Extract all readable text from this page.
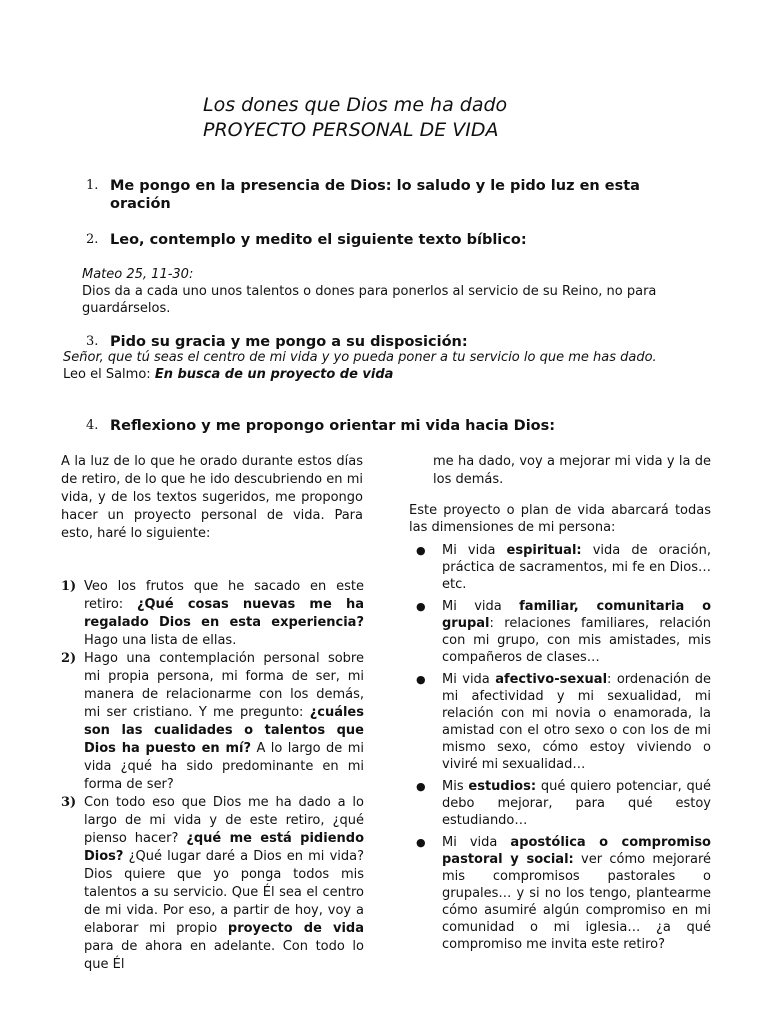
Los dones que Dios me ha dado
PROYECTO PERSONAL DE VIDA
1. Me pongo en la presencia de Dios: lo saludo y le pido luz en esta oración
2. Leo, contemplo y medito el siguiente texto bíblico:
Mateo 25, 11-30:
Dios da a cada uno unos talentos o dones para ponerlos al servicio de su Reino, no para guardárselos.
3. Pido su gracia y me pongo a su disposición:
Señor, que tú seas el centro de mi vida y yo pueda poner a tu servicio lo que me has dado.
Leo el Salmo: En busca de un proyecto de vida
4. Reflexiono y me propongo orientar mi vida hacia Dios:

A la luz de lo que he orado durante estos días de retiro, de lo que he ido descubriendo en mi vida, y de los textos sugeridos, me propongo hacer un proyecto personal de vida. Para esto, haré lo siguiente:

1) Veo los frutos que he sacado en este retiro: ¿Qué cosas nuevas me ha regalado Dios en esta experiencia? Hago una lista de ellas.
2) Hago una contemplación personal sobre mi propia persona, mi forma de ser, mi manera de relacionarme con los demás, mi ser cristiano. Y me pregunto: ¿cuáles son las cualidades o talentos que Dios ha puesto en mí? A lo largo de mi vida ¿qué ha sido predominante en mi forma de ser?
3) Con todo eso que Dios me ha dado a lo largo de mi vida y de este retiro, ¿qué pienso hacer? ¿qué me está pidiendo Dios? ¿Qué lugar daré a Dios en mi vida? Dios quiere que yo ponga todos mis talentos a su servicio. Que Él sea el centro de mi vida. Por eso, a partir de hoy, voy a elaborar mi propio proyecto de vida para de ahora en adelante. Con todo lo que Él

me ha dado, voy a mejorar mi vida y la de los demás.

Este proyecto o plan de vida abarcará todas las dimensiones de mi persona:

●	Mi vida espiritual: vida de oración, práctica de sacramentos, mi fe en Dios…etc.
●	Mi vida familiar, comunitaria o grupal: relaciones familiares, relación con mi grupo, con mis amistades, mis compañeros de clases…
●	Mi vida afectivo-sexual: ordenación de mi afectividad y mi sexualidad, mi relación con mi novia o enamorada, la amistad con el otro sexo o con los de mi mismo sexo, cómo estoy viviendo o viviré mi sexualidad…
●	Mis estudios: qué quiero potenciar, qué debo mejorar, para qué estoy estudiando…
●	Mi vida apostólica o compromiso pastoral y social: ver cómo mejoraré mis compromisos pastorales o grupales… y si no los tengo, plantearme cómo asumiré algún compromiso en mi comunidad o mi iglesia… ¿a qué compromiso me invita este retiro?
